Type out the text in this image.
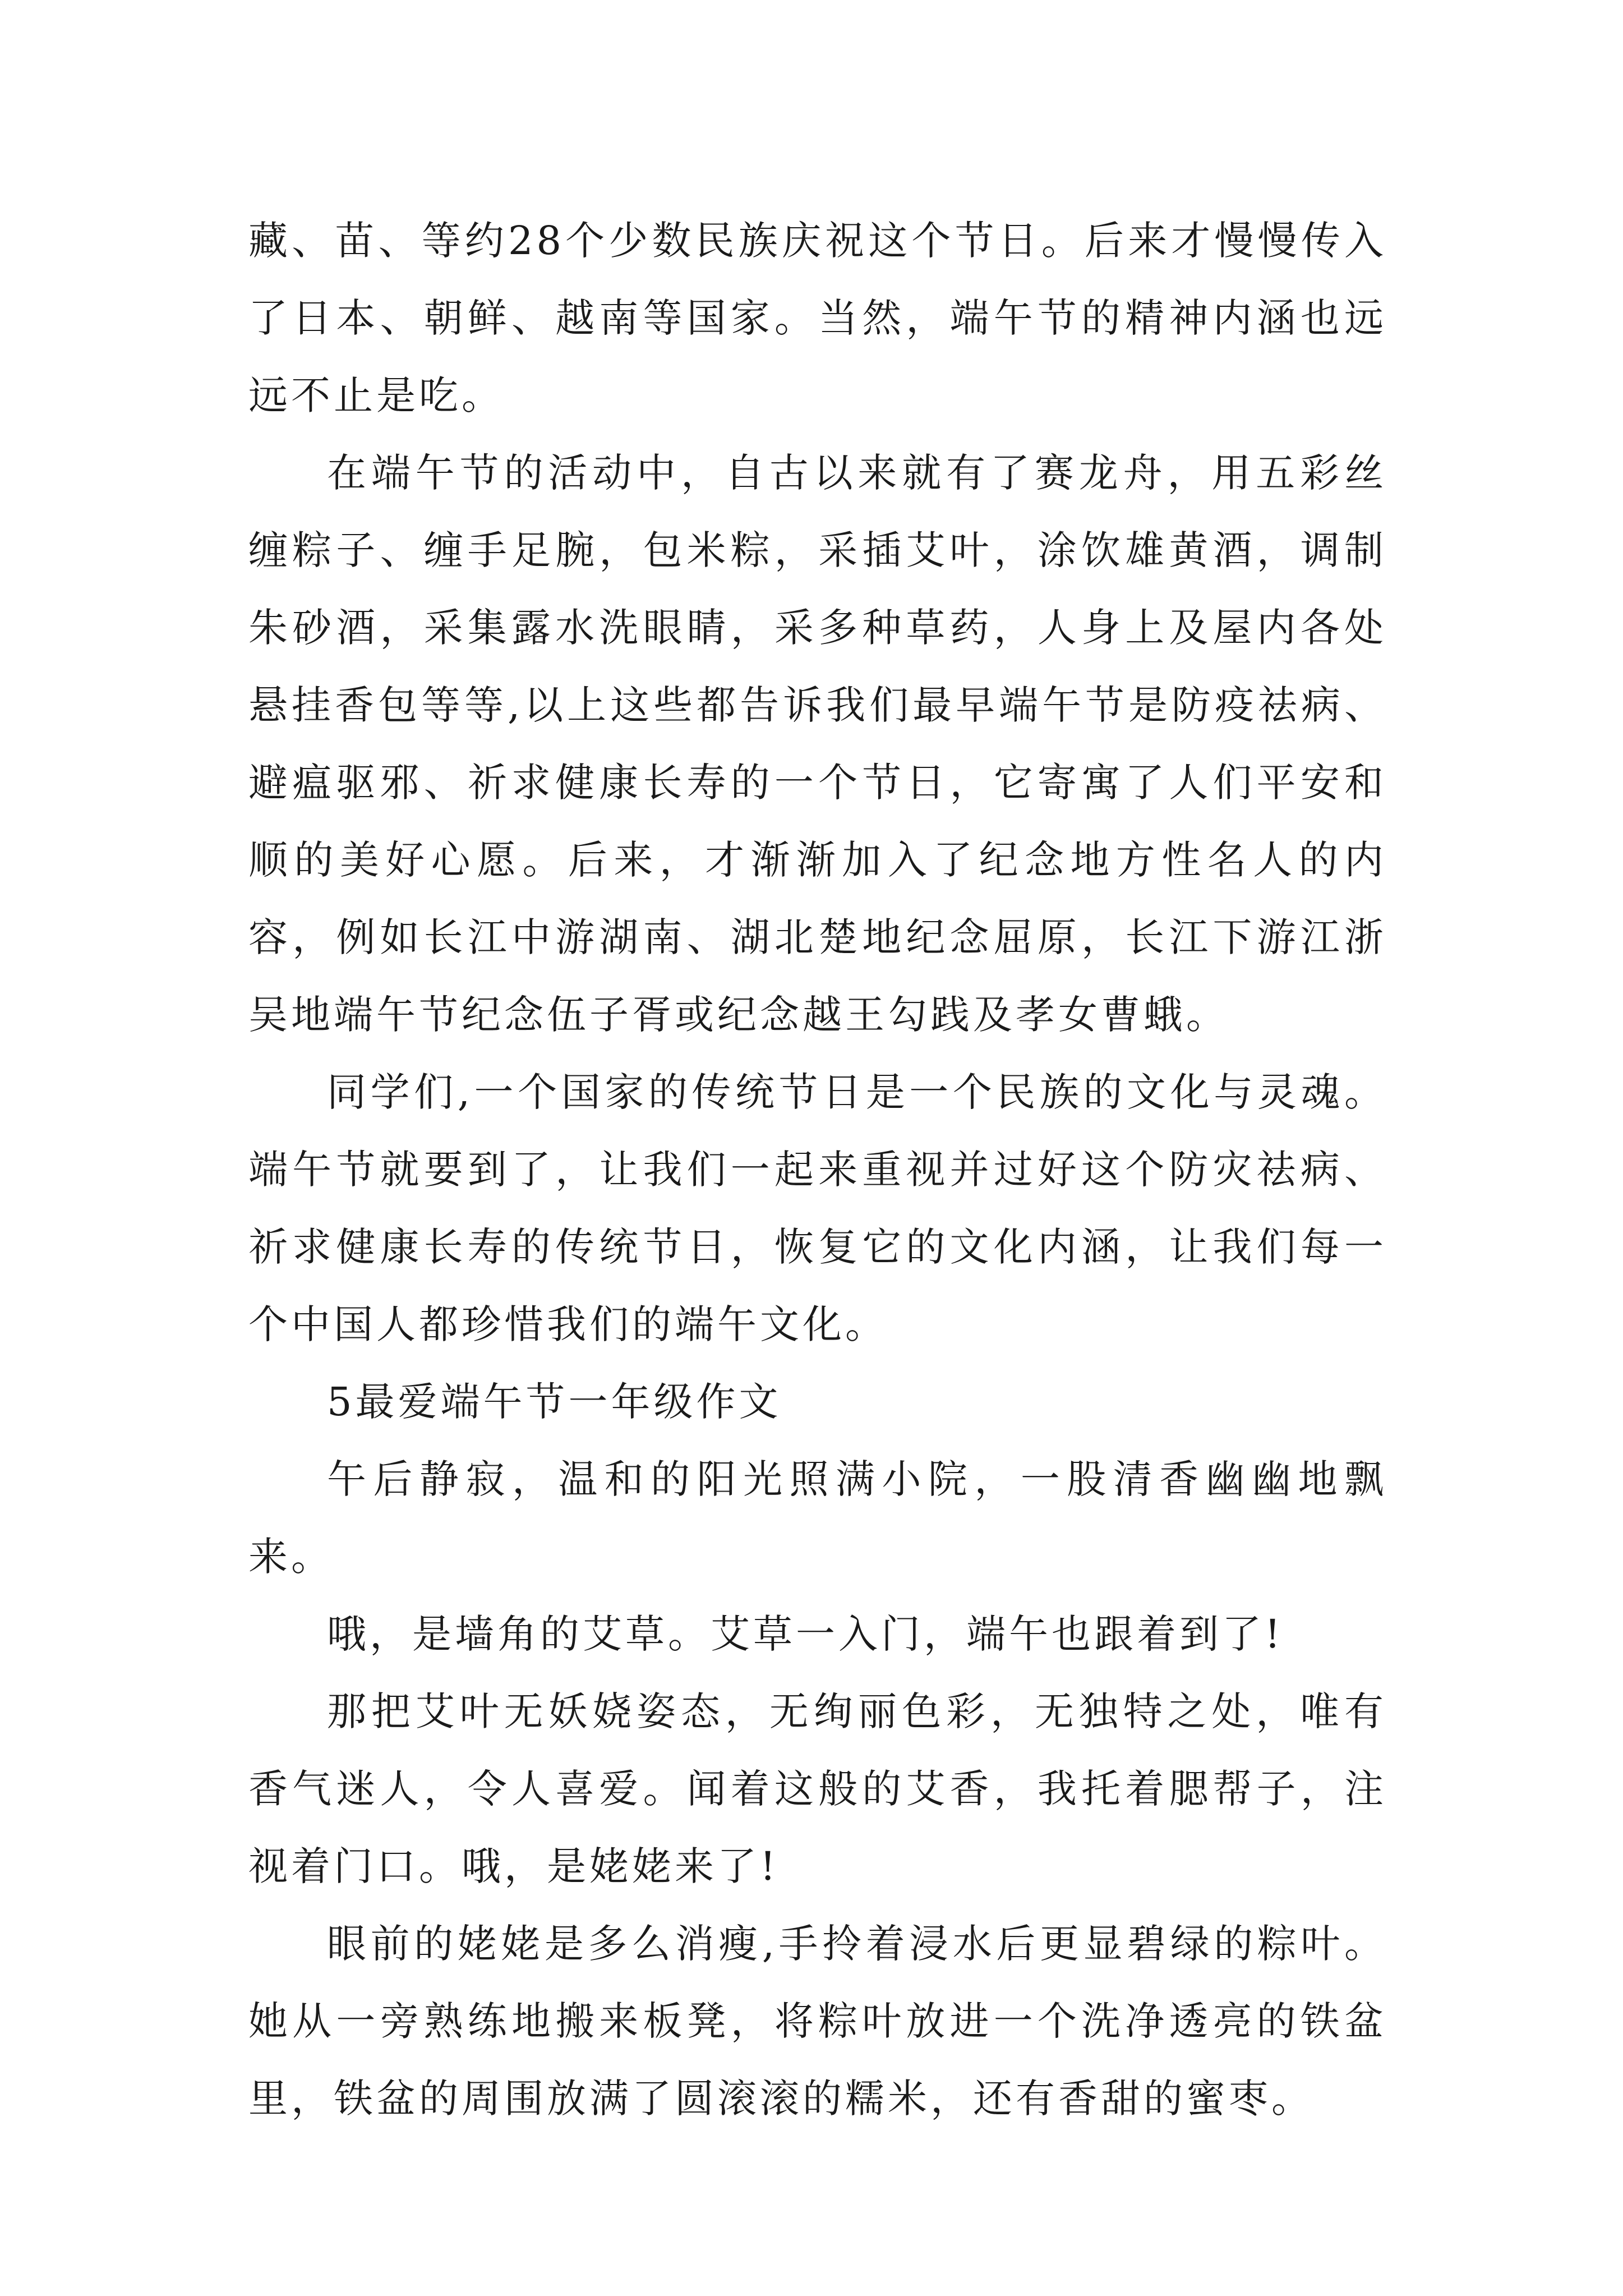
藏、苗、等约28个少数民族庆祝这个节日。后来才慢慢传入了日本、朝鲜、越南等国家。当然，端午节的精神内涵也远远不止是吃。

在端午节的活动中，自古以来就有了赛龙舟，用五彩丝缠粽子、缠手足腕，包米粽，采插艾叶，涂饮雄黄酒，调制朱砂酒，采集露水洗眼睛，采多种草药，人身上及屋内各处悬挂香包等等,以上这些都告诉我们最早端午节是防疫祛病、避瘟驱邪、祈求健康长寿的一个节日，它寄寓了人们平安和顺的美好心愿。后来，才渐渐加入了纪念地方性名人的内容，例如长江中游湖南、湖北楚地纪念屈原，长江下游江浙吴地端午节纪念伍子胥或纪念越王勾践及孝女曹蛾。

同学们,一个国家的传统节日是一个民族的文化与灵魂。端午节就要到了，让我们一起来重视并过好这个防灾祛病、祈求健康长寿的传统节日，恢复它的文化内涵，让我们每一个中国人都珍惜我们的端午文化。

5最爱端午节一年级作文

午后静寂，温和的阳光照满小院，一股清香幽幽地飘来。

哦，是墙角的艾草。艾草一入门，端午也跟着到了!

那把艾叶无妖娆姿态，无绚丽色彩，无独特之处，唯有香气迷人，令人喜爱。闻着这般的艾香，我托着腮帮子，注视着门口。哦，是姥姥来了!

眼前的姥姥是多么消瘦,手拎着浸水后更显碧绿的粽叶。她从一旁熟练地搬来板凳，将粽叶放进一个洗净透亮的铁盆里，铁盆的周围放满了圆滚滚的糯米，还有香甜的蜜枣。
